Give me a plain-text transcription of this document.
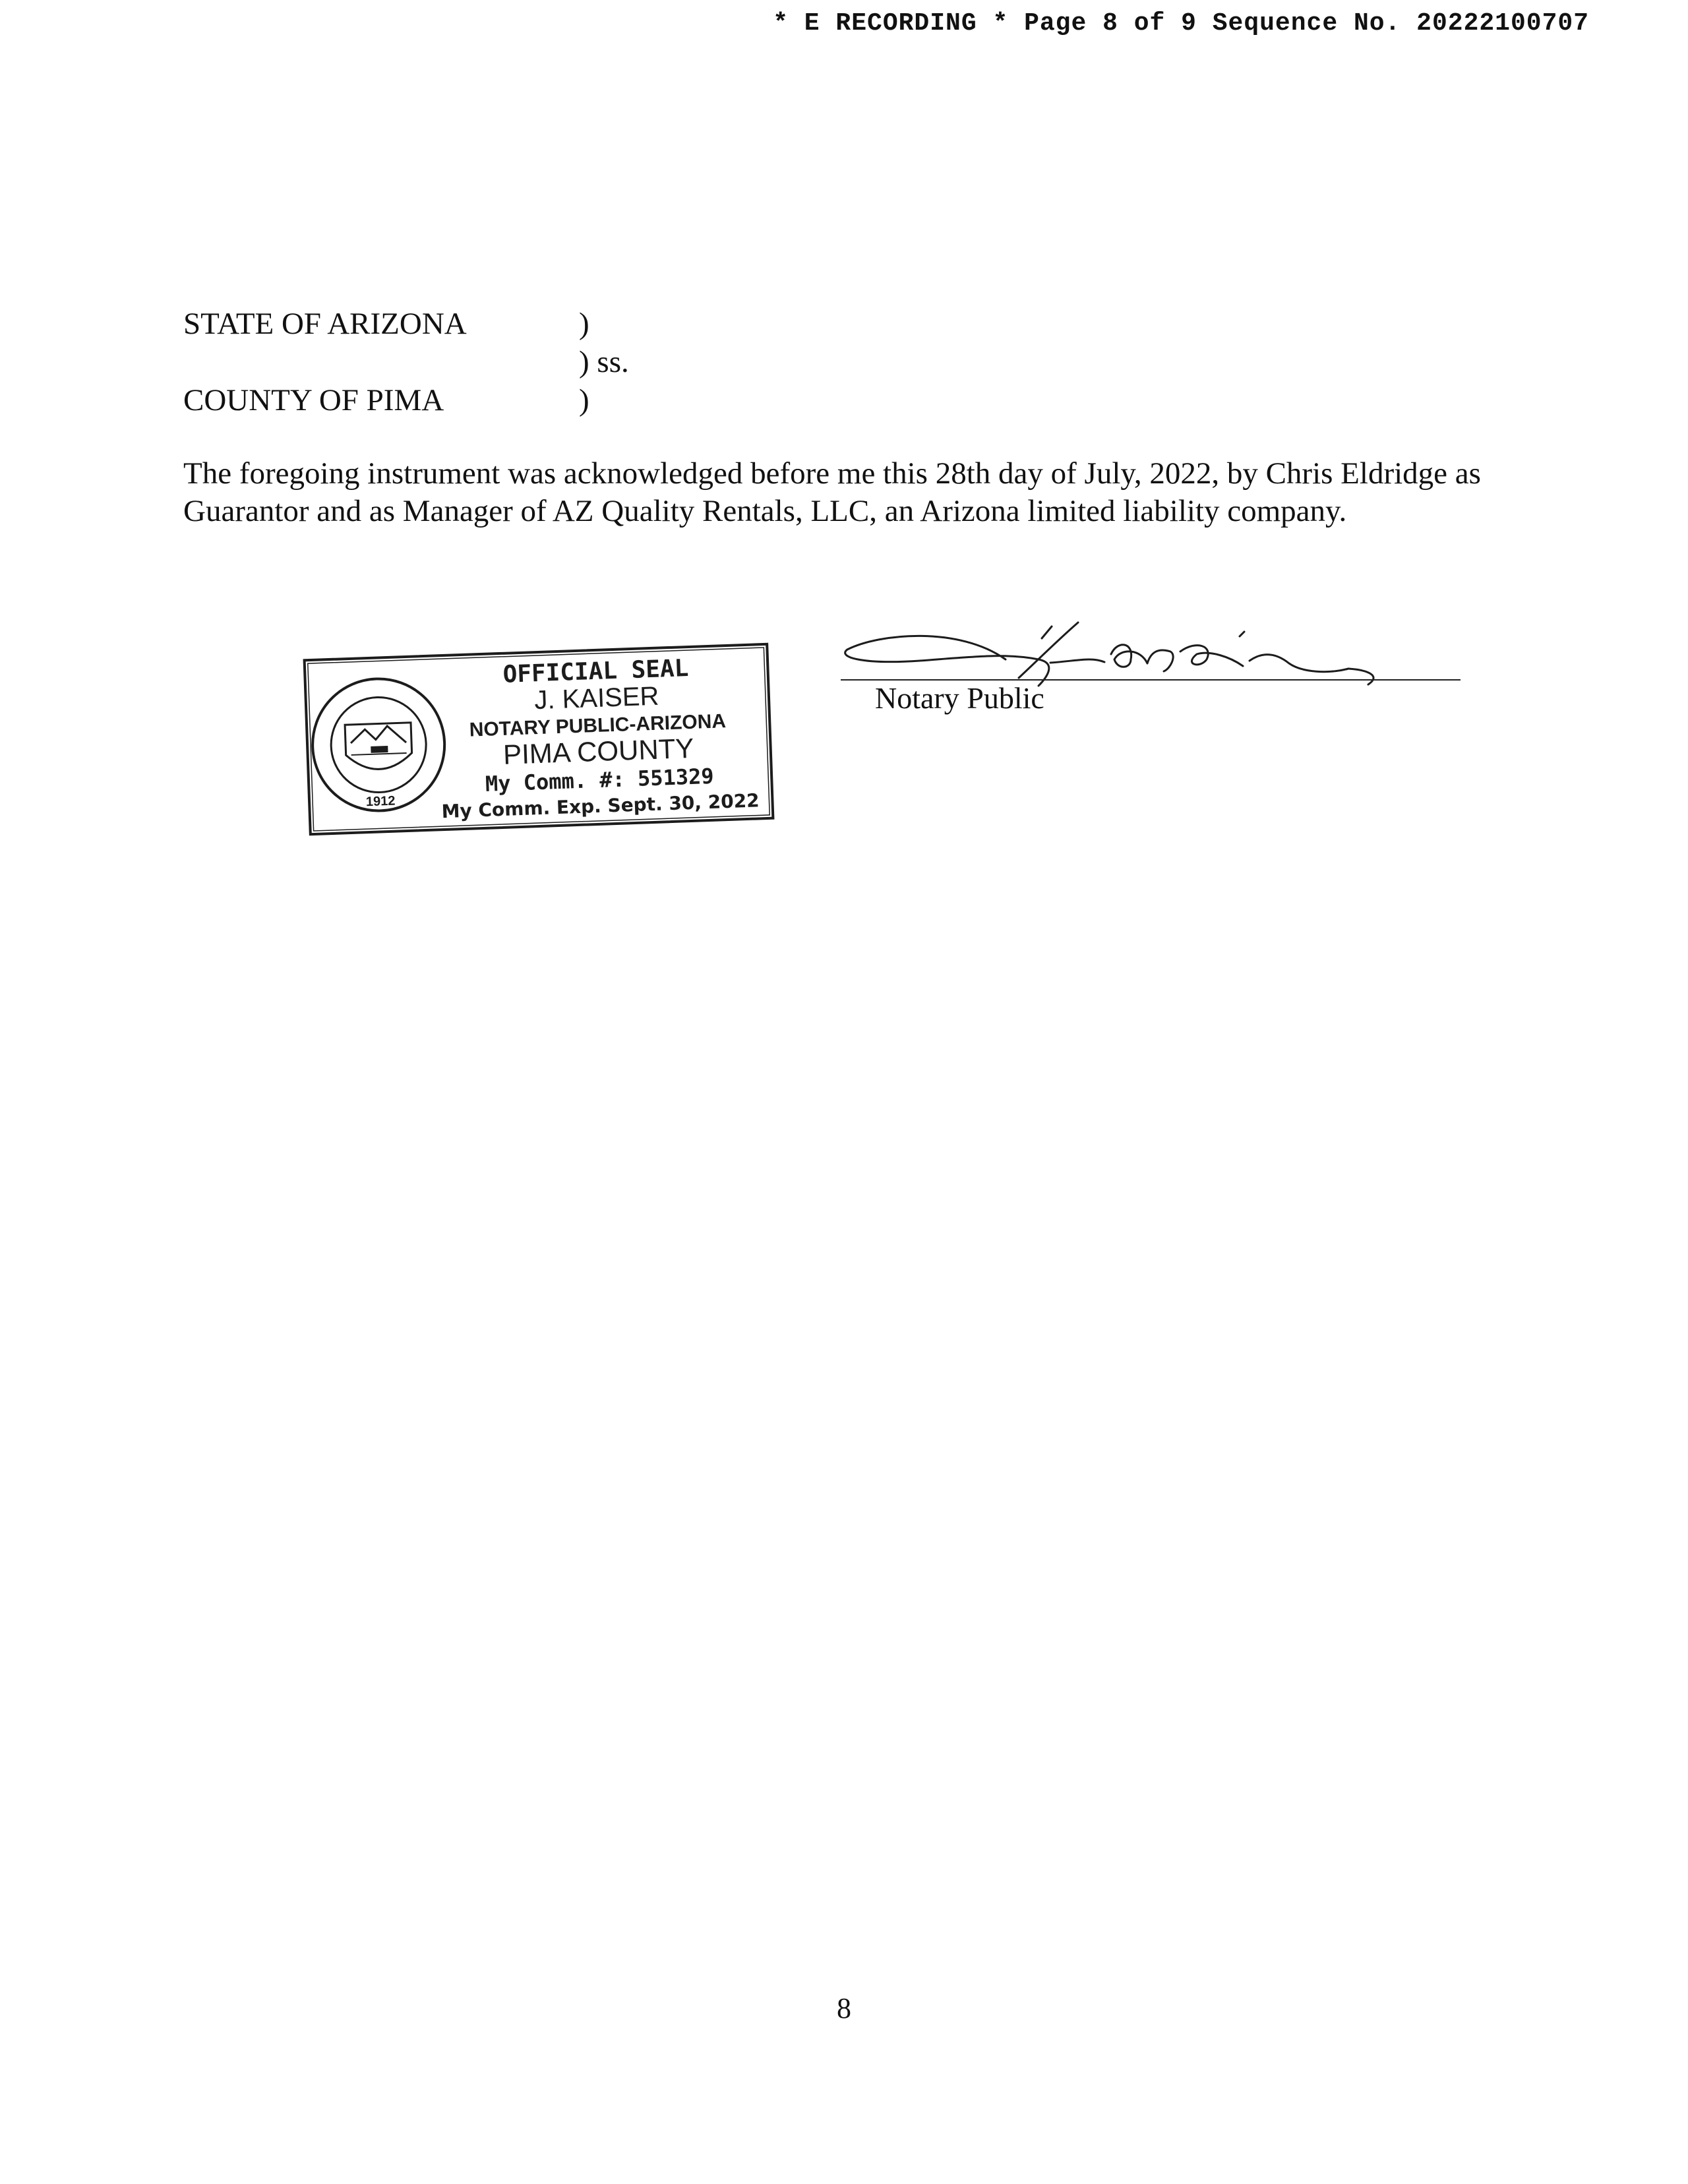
* E RECORDING * Page 8 of 9 Sequence No. 20222100707
STATE OF ARIZONA	)
) ss.
COUNTY OF PIMA	)

The foregoing instrument was acknowledged before me this 28th day of July, 2022, by Chris Eldridge as Guarantor and as Manager of AZ Quality Rentals, LLC, an Arizona limited liability company.

1912
OFFICIAL SEAL
J. KAISER
NOTARY PUBLIC-ARIZONA
PIMA COUNTY
My Comm. #: 551329
My Comm. Exp. Sept. 30, 2022
Notary Public
8
